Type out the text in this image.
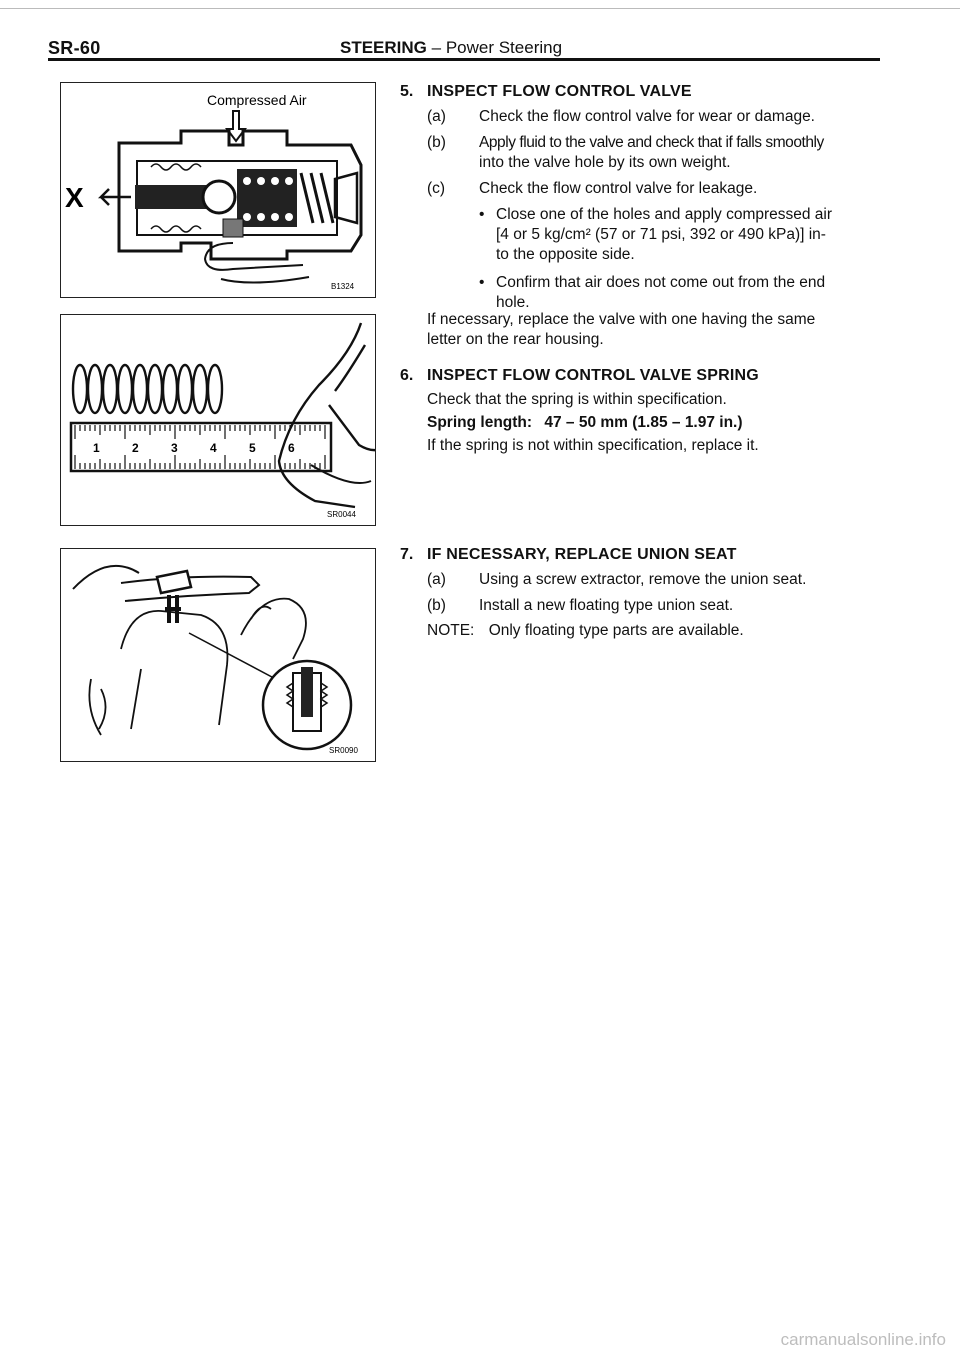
SR-60	STEERING – Power Steering
Compressed Air
X
B1324
1	2	3	4	5	6
SR0044
SR0090
5. INSPECT FLOW CONTROL VALVE
(a) Check the flow control valve for wear or damage.
(b) Apply fluid to the valve and check that if falls smoothly
into the valve hole by its own weight.
(c) Check the flow control valve for leakage.
• Close one of the holes and apply compressed air
[4 or 5 kg/cm² (57 or 71 psi, 392 or 490 kPa)] in-
to the opposite side.
• Confirm that air does not come out from the end
hole.
If necessary, replace the valve with one having the same
letter on the rear housing.
6. INSPECT FLOW CONTROL VALVE SPRING
Check that the spring is within specification.
Spring length: 47 – 50 mm (1.85 – 1.97 in.)
If the spring is not within specification, replace it.
7. IF NECESSARY, REPLACE UNION SEAT
(a) Using a screw extractor, remove the union seat.
(b) Install a new floating type union seat.
NOTE: Only floating type parts are available.
carmanualsonline.info
